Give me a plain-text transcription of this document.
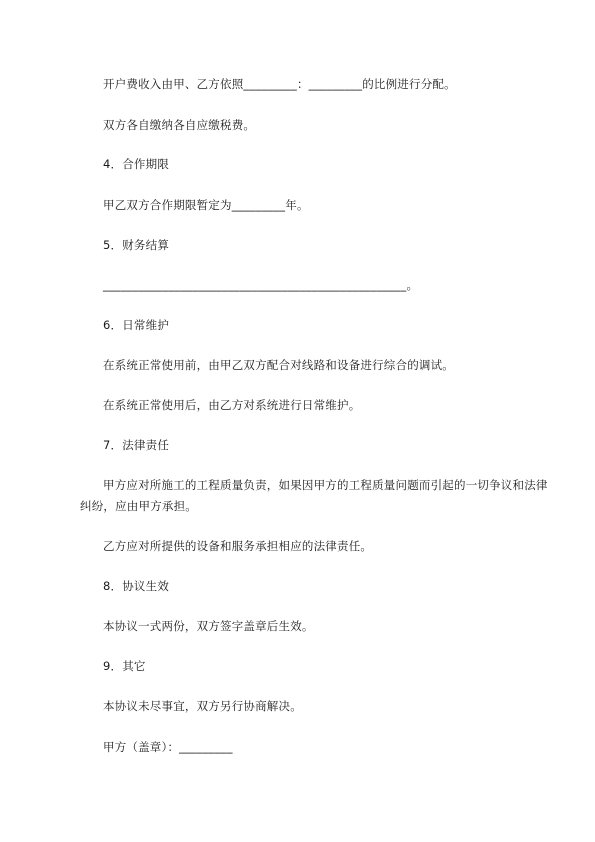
开户费收入由甲、乙方依照_________：_________的比例进行分配。

双方各自缴纳各自应缴税费。

4．合作期限

甲乙双方合作期限暂定为_________年。

5．财务结算

___________________________________________________。

6．日常维护

在系统正常使用前，由甲乙双方配合对线路和设备进行综合的调试。

在系统正常使用后，由乙方对系统进行日常维护。

7．法律责任

甲方应对所施工的工程质量负责，如果因甲方的工程质量问题而引起的一切争议和法律纠纷，应由甲方承担。

乙方应对所提供的设备和服务承担相应的法律责任。

8．协议生效

本协议一式两份，双方签字盖章后生效。

9．其它

本协议未尽事宜，双方另行协商解决。

甲方（盖章）：_________
